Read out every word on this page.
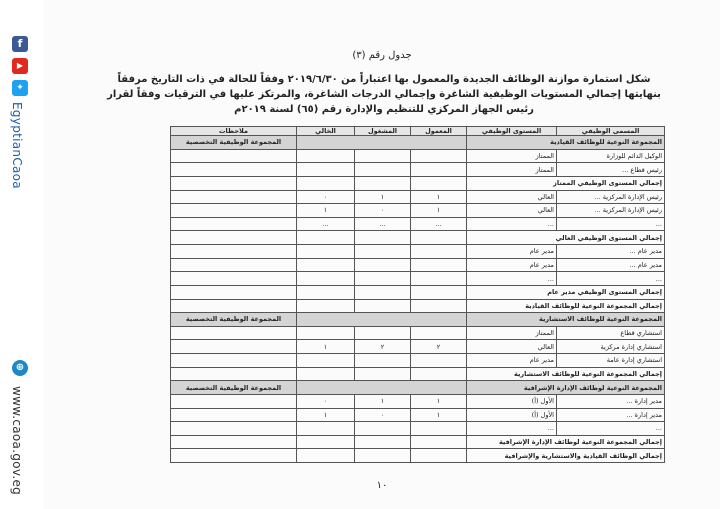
f
▶
✦
EgyptianCaoa
⊕
www.caoa.gov.eg
جدول رقم (٣)
شكل استمارة موازنة الوظائف الجديدة والمعمول بها اعتباراً من ٢٠١٩/٦/٣٠ وفقاً للحالة في ذات التاريخ مرفقاً بنهايتها إجمالي المستويات الوظيفية الشاغرة وإجمالي الدرجات الشاغرة، والمرتكز عليها في الترقيات وفقاً لقرار رئيس الجهاز المركزي للتنظيم والإدارة رقم (٦٥) لسنة ٢٠١٩م
المسمى الوظيفي	المستوى الوظيفي	المعمول	المشغول	الخالي	ملاحظات
المجموعة النوعية للوظائف القيادية					المجموعة الوظيفية التخصصية
الوكيل الدائم للوزارة	الممتاز				
رئيس قطاع ...	الممتاز				
إجمالي المستوى الوظيفي الممتاز					
رئيس الإدارة المركزية ...	العالي	١	١	٠	
رئيس الإدارة المركزية ...	العالي	١	٠	١	
...	...	...	...	...	
إجمالي المستوى الوظيفي العالي					
مدير عام ...	مدير عام				
مدير عام ...	مدير عام				
...	...				
إجمالي المستوى الوظيفي مدير عام					
إجمالي المجموعة النوعية للوظائف القيادية					
المجموعة النوعية للوظائف الاستشارية					المجموعة الوظيفية التخصصية
استشاري قطاع	الممتاز				
استشاري إدارة مركزية	العالي	٢	٢	١	
استشاري إدارة عامة	مدير عام				
إجمالي المجموعة النوعية للوظائف الاستشارية					
المجموعة النوعية لوظائف الإدارة الإشرافية					المجموعة الوظيفية التخصصية
مدير إدارة ...	الأول (أ)	١	١	٠	
مدير إدارة ...	الأول (أ)	١	٠	١	
...	...				
إجمالي المجموعة النوعية لوظائف الإدارة الإشرافية					
إجمالي الوظائف القيادية والاستشارية والإشرافية					
١٠
